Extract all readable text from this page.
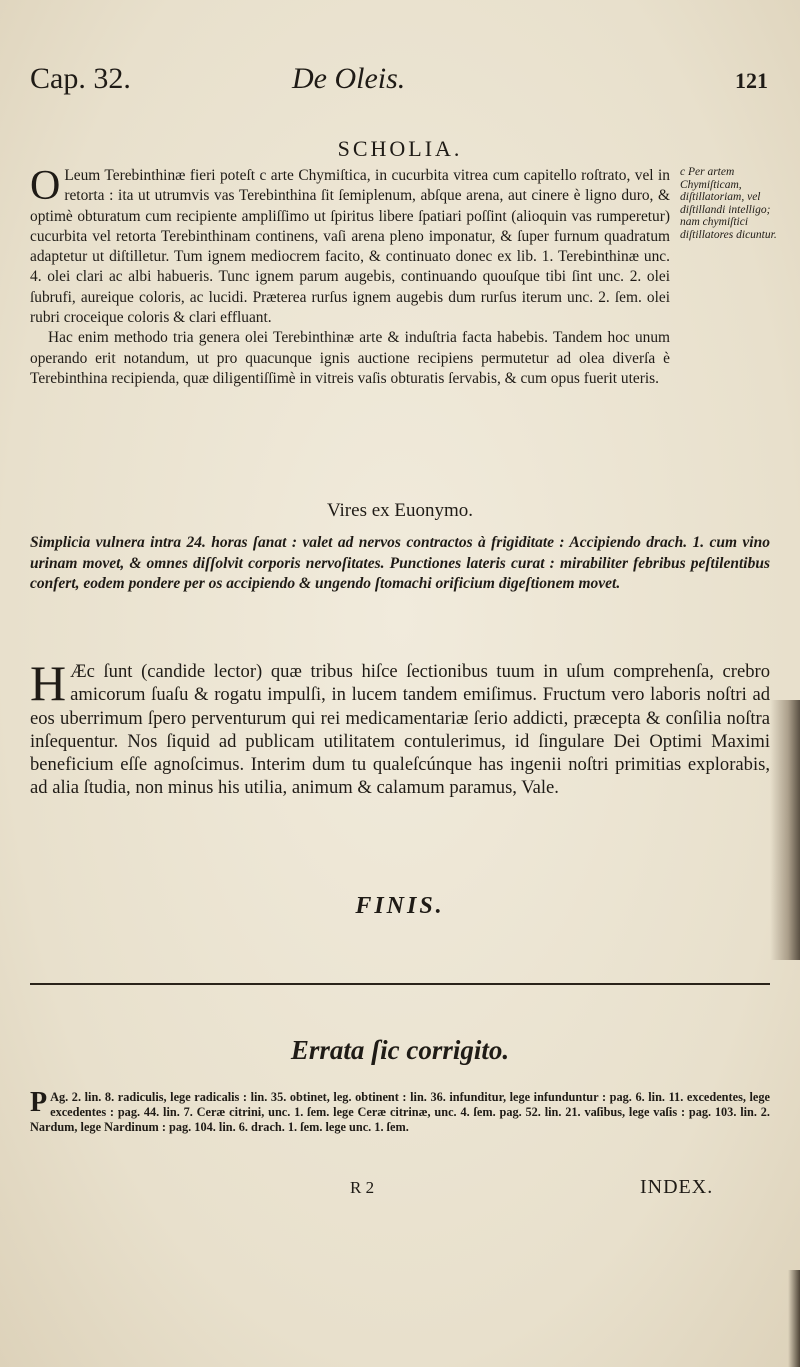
Cap. 32.	De Oleis.	121
SCHOLIA.

O Leum Terebinthinæ fieri poteſt c arte Chymiſtica, in cucurbita vitrea cum capitello roſtrato, vel in retorta : ita ut utrumvis vas Terebinthina ſit ſemiplenum, abſque arena, aut cinere è ligno duro, & optimè obturatum cum recipiente ampliſſimo ut ſpiritus libere ſpatiari poſſint (alioquin vas rumperetur) cucurbita vel retorta Terebinthinam continens, vaſi arena pleno imponatur, & ſuper furnum quadratum adaptetur ut diſtilletur. Tum ignem mediocrem facito, & continuato donec ex lib. 1. Terebinthinæ unc. 4. olei clari ac albi habueris. Tunc ignem parum augebis, continuando quouſque tibi ſint unc. 2. olei ſubrufi, aureique coloris, ac lucidi. Præterea rurſus ignem augebis dum rurſus iterum unc. 2. ſem. olei rubri croceique coloris & clari effluant.

Hac enim methodo tria genera olei Terebinthinæ arte & induſtria facta habebis. Tandem hoc unum operando erit notandum, ut pro quacunque ignis auctione recipiens permutetur ad olea diverſa è Terebinthina recipienda, quæ diligentiſſimè in vitreis vaſis obturatis ſervabis, & cum opus fuerit uteris.

c Per artem Chymiſticam, diſtillatoriam, vel diſtillandi intelligo; nam chymiſtici diſtillatores dicuntur.
Vires ex Euonymo.

Simplicia vulnera intra 24. horas ſanat : valet ad nervos contractos à frigiditate : Accipiendo drach. 1. cum vino urinam movet, & omnes diſſolvit corporis nervoſitates. Punctiones lateris curat : mirabiliter febribus peſtilentibus confert, eodem pondere per os accipiendo & ungendo ſtomachi orificium digeſtionem movet.

H Æc ſunt (candide lector) quæ tribus hiſce ſectionibus tuum in uſum comprehenſa, crebro amicorum ſuaſu & rogatu impulſi, in lucem tandem emiſimus. Fructum vero laboris noſtri ad eos uberrimum ſpero perventurum qui rei medicamentariæ ſerio addicti, præcepta & conſilia noſtra inſequentur. Nos ſiquid ad publicam utilitatem contulerimus, id ſingulare Dei Optimi Maximi beneficium eſſe agnoſcimus. Interim dum tu qualeſcúnque has ingenii noſtri primitias explorabis, ad alia ſtudia, non minus his utilia, animum & calamum paramus, Vale.

FINIS.
Errata ſic corrigito.

P Ag. 2. lin. 8. radiculis, lege radicalis : lin. 35. obtinet, leg. obtinent : lin. 36. infunditur, lege infunduntur : pag. 6. lin. 11. excedentes, lege excedentes : pag. 44. lin. 7. Ceræ citrini, unc. 1. ſem. lege Ceræ citrinæ, unc. 4. ſem. pag. 52. lin. 21. vaſibus, lege vaſis : pag. 103. lin. 2. Nardum, lege Nardinum : pag. 104. lin. 6. drach. 1. ſem. lege unc. 1. ſem.

R 2	INDEX.
